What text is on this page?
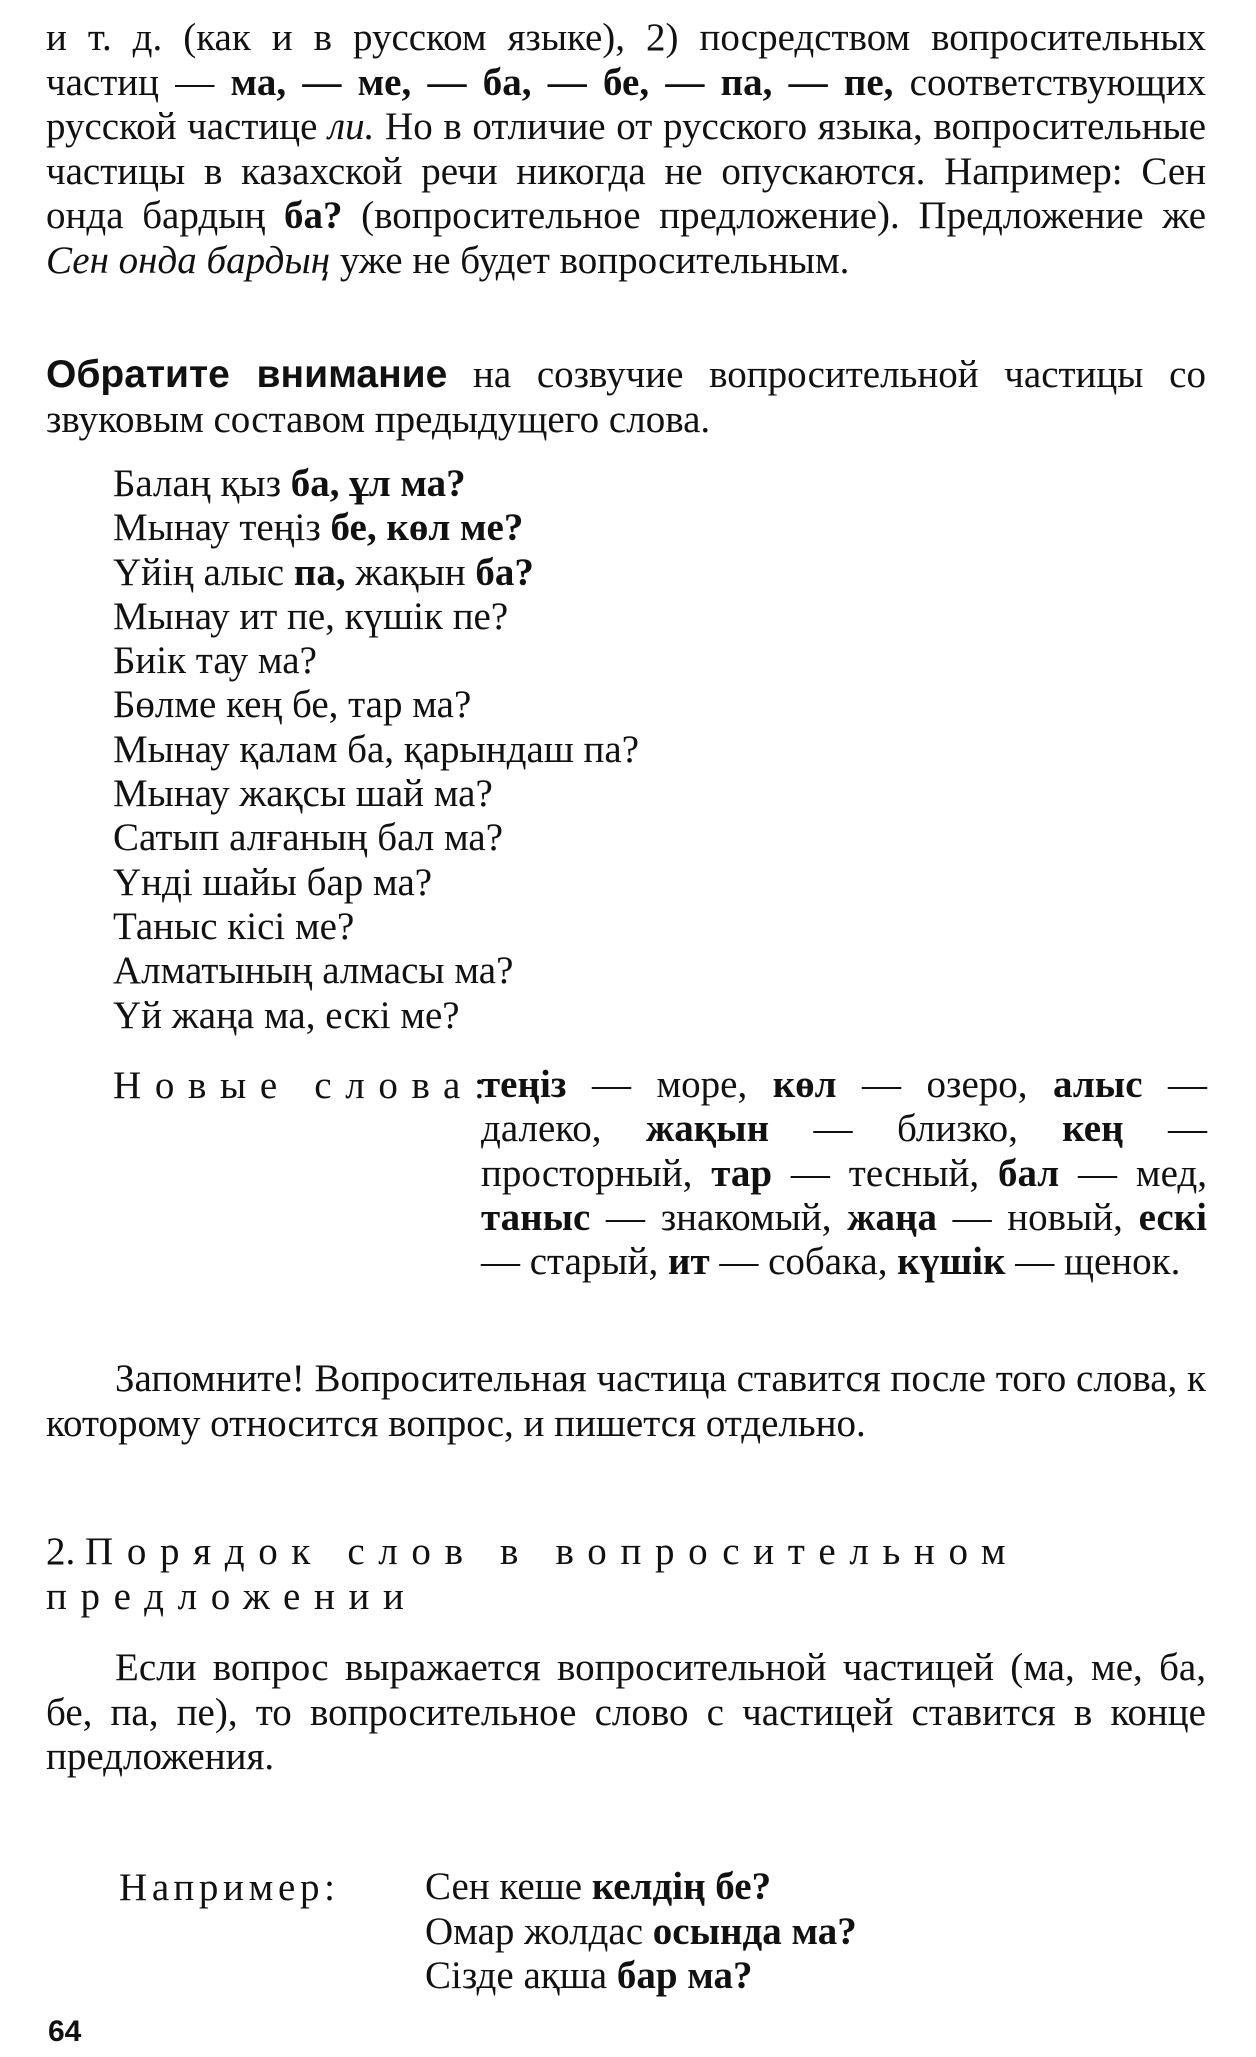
и т. д. (как и в русском языке), 2) посредством вопросительных частиц — ма, — ме, — ба, — бе, — па, — пе, соответствующих русской частице ли. Но в отличие от русского языка, вопросительные частицы в казахской речи никогда не опускаются. Например: Сен онда бардың ба? (вопросительное предложение). Предложение же Сен онда бардың уже не будет вопросительным.
Обратите внимание на созвучие вопросительной частицы со звуковым составом предыдущего слова.
Балаң қыз ба, ұл ма?
Мынау теңіз бе, көл ме?
Үйің алыс па, жақын ба?
Мынау ит пе, күшік пе?
Биік тау ма?
Бөлме кең бе, тар ма?
Мынау қалам ба, қарындаш па?
Мынау жақсы шай ма?
Сатып алғаның бал ма?
Үнді шайы бар ма?
Таныс кісі ме?
Алматының алмасы ма?
Үй жаңа ма, ескі ме?
Новые слова:
теңіз — море, көл — озеро, алыс — далеко, жақын — близко, кең — просторный, тар — тесный, бал — мед, таныс — знакомый, жаңа — новый, ескі — старый, ит — собака, күшік — щенок.
Запомните! Вопросительная частица ставится после того слова, к которому относится вопрос, и пишется отдельно.
2. Порядок слов в вопросительном предложении
Если вопрос выражается вопросительной частицей (ма, ме, ба, бе, па, пе), то вопросительное слово с частицей ставится в конце предложения.
Например: Сен кеше келдің бе?
Омар жолдас осында ма?
Сізде ақша бар ма?
64
